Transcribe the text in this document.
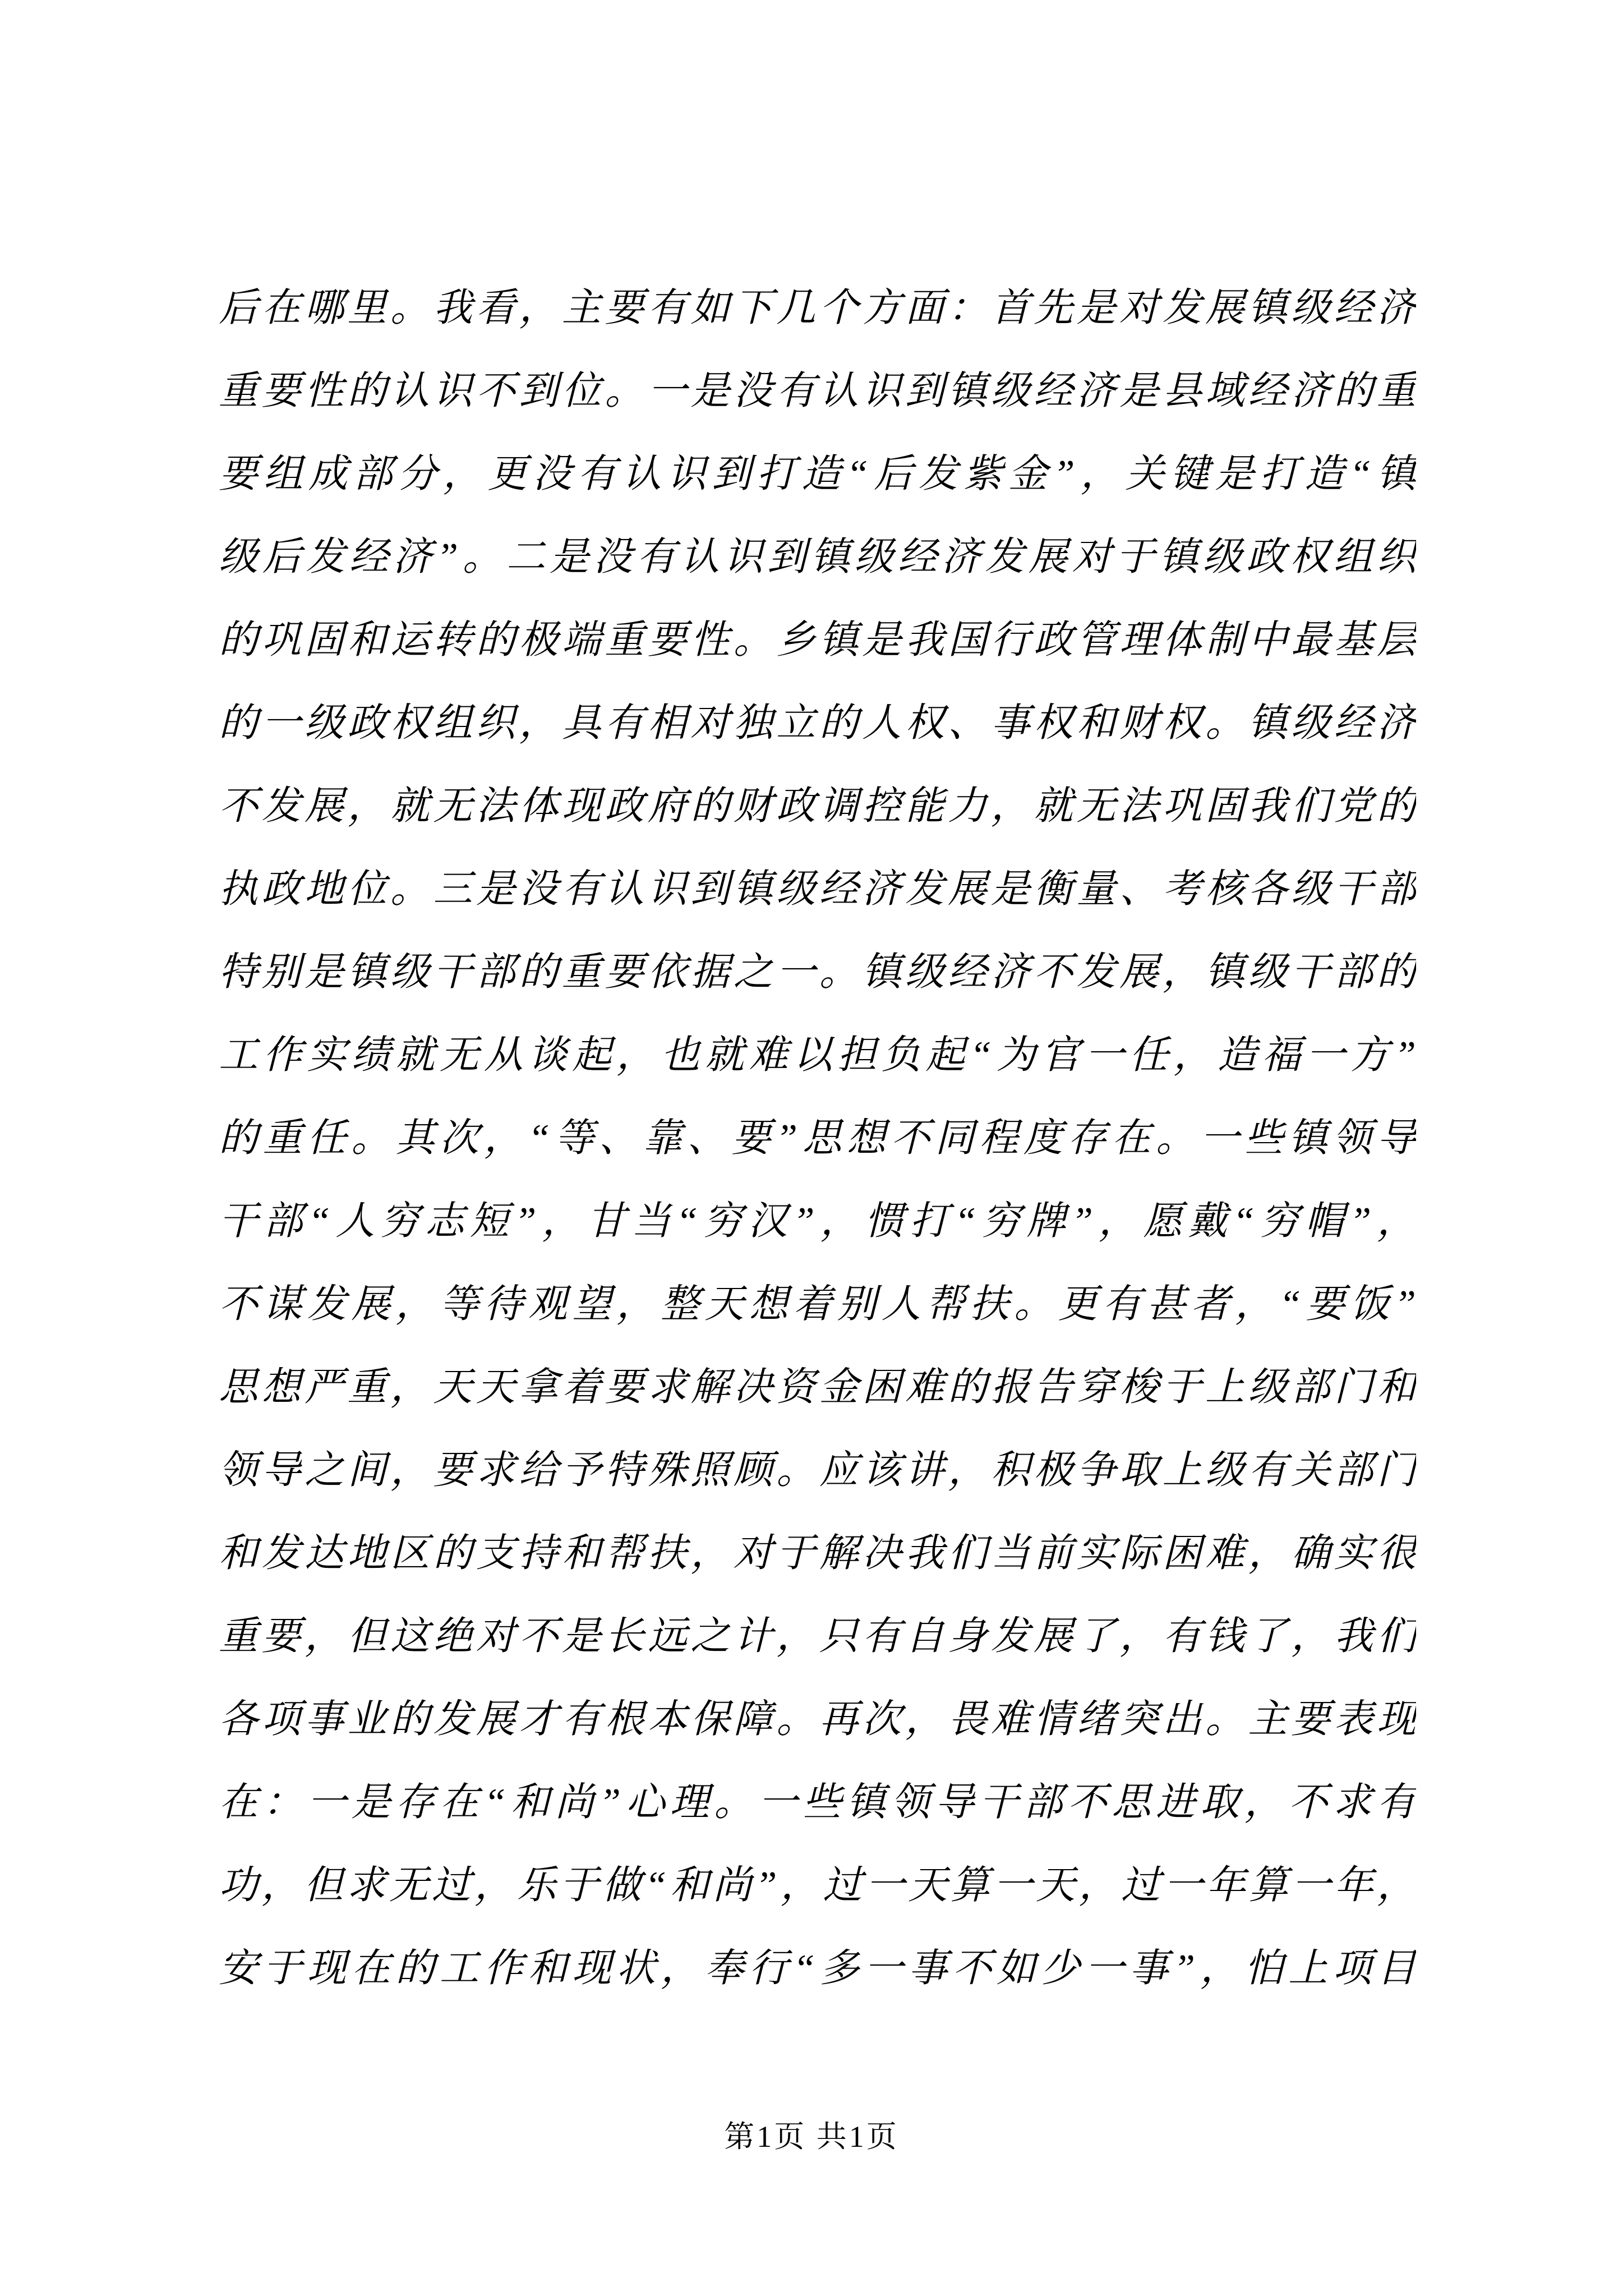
后在哪里。我看，主要有如下几个方面：首先是对发展镇级经济
重要性的认识不到位。一是没有认识到镇级经济是县域经济的重
要组成部分，更没有认识到打造“后发紫金”，关键是打造“镇
级后发经济”。二是没有认识到镇级经济发展对于镇级政权组织
的巩固和运转的极端重要性。乡镇是我国行政管理体制中最基层
的一级政权组织，具有相对独立的人权、事权和财权。镇级经济
不发展，就无法体现政府的财政调控能力，就无法巩固我们党的
执政地位。三是没有认识到镇级经济发展是衡量、考核各级干部
特别是镇级干部的重要依据之一。镇级经济不发展，镇级干部的
工作实绩就无从谈起，也就难以担负起“为官一任，造福一方”
的重任。其次，“等、靠、要”思想不同程度存在。一些镇领导
干部“人穷志短”，甘当“穷汉”，惯打“穷牌”，愿戴“穷帽”，
不谋发展，等待观望，整天想着别人帮扶。更有甚者，“要饭”
思想严重，天天拿着要求解决资金困难的报告穿梭于上级部门和
领导之间，要求给予特殊照顾。应该讲，积极争取上级有关部门
和发达地区的支持和帮扶，对于解决我们当前实际困难，确实很
重要，但这绝对不是长远之计，只有自身发展了，有钱了，我们
各项事业的发展才有根本保障。再次，畏难情绪突出。主要表现
在：一是存在“和尚”心理。一些镇领导干部不思进取，不求有
功，但求无过，乐于做“和尚”，过一天算一天，过一年算一年，
安于现在的工作和现状，奉行“多一事不如少一事”，怕上项目
第1页 共1页
